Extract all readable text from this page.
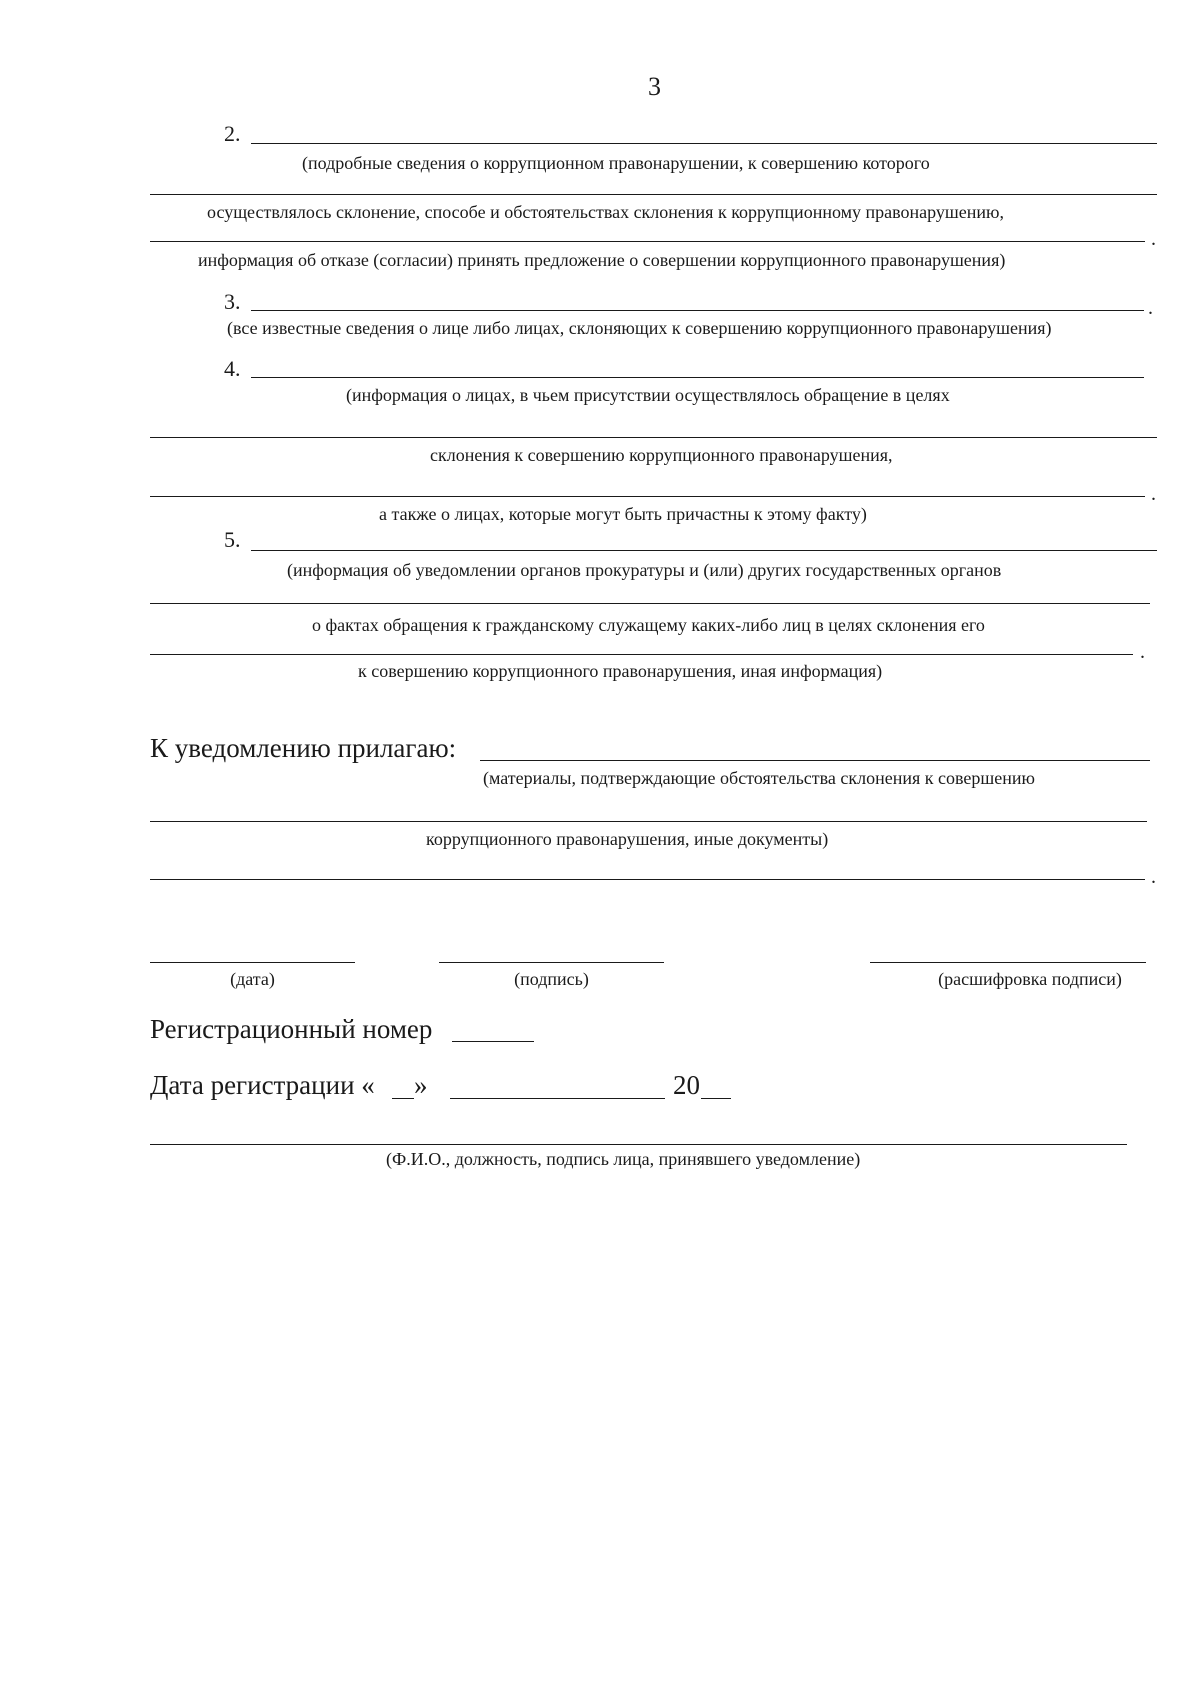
3
2.
(подробные сведения о коррупционном правонарушении, к совершению которого
осуществлялось склонение, способе и обстоятельствах склонения к коррупционному правонарушению,
.
информация об отказе (согласии) принять предложение о совершении коррупционного правонарушения)
3.	.
(все известные сведения о лице либо лицах, склоняющих к совершению коррупционного правонарушения)
4.
(информация о лицах, в чьем присутствии осуществлялось обращение в целях
склонения к совершению коррупционного правонарушения,
.
а также о лицах, которые могут быть причастны к этому факту)
5.
(информация об уведомлении органов прокуратуры и (или) других государственных органов
о фактах обращения к гражданскому служащему каких-либо лиц в целях склонения его
.
к совершению коррупционного правонарушения, иная информация)
К уведомлению прилагаю:
(материалы, подтверждающие обстоятельства склонения к совершению
коррупционного правонарушения, иные документы)
.
(дата)	(подпись)	(расшифровка подписи)
Регистрационный номер
Дата регистрации « »	20
(Ф.И.О., должность, подпись лица, принявшего уведомление)
